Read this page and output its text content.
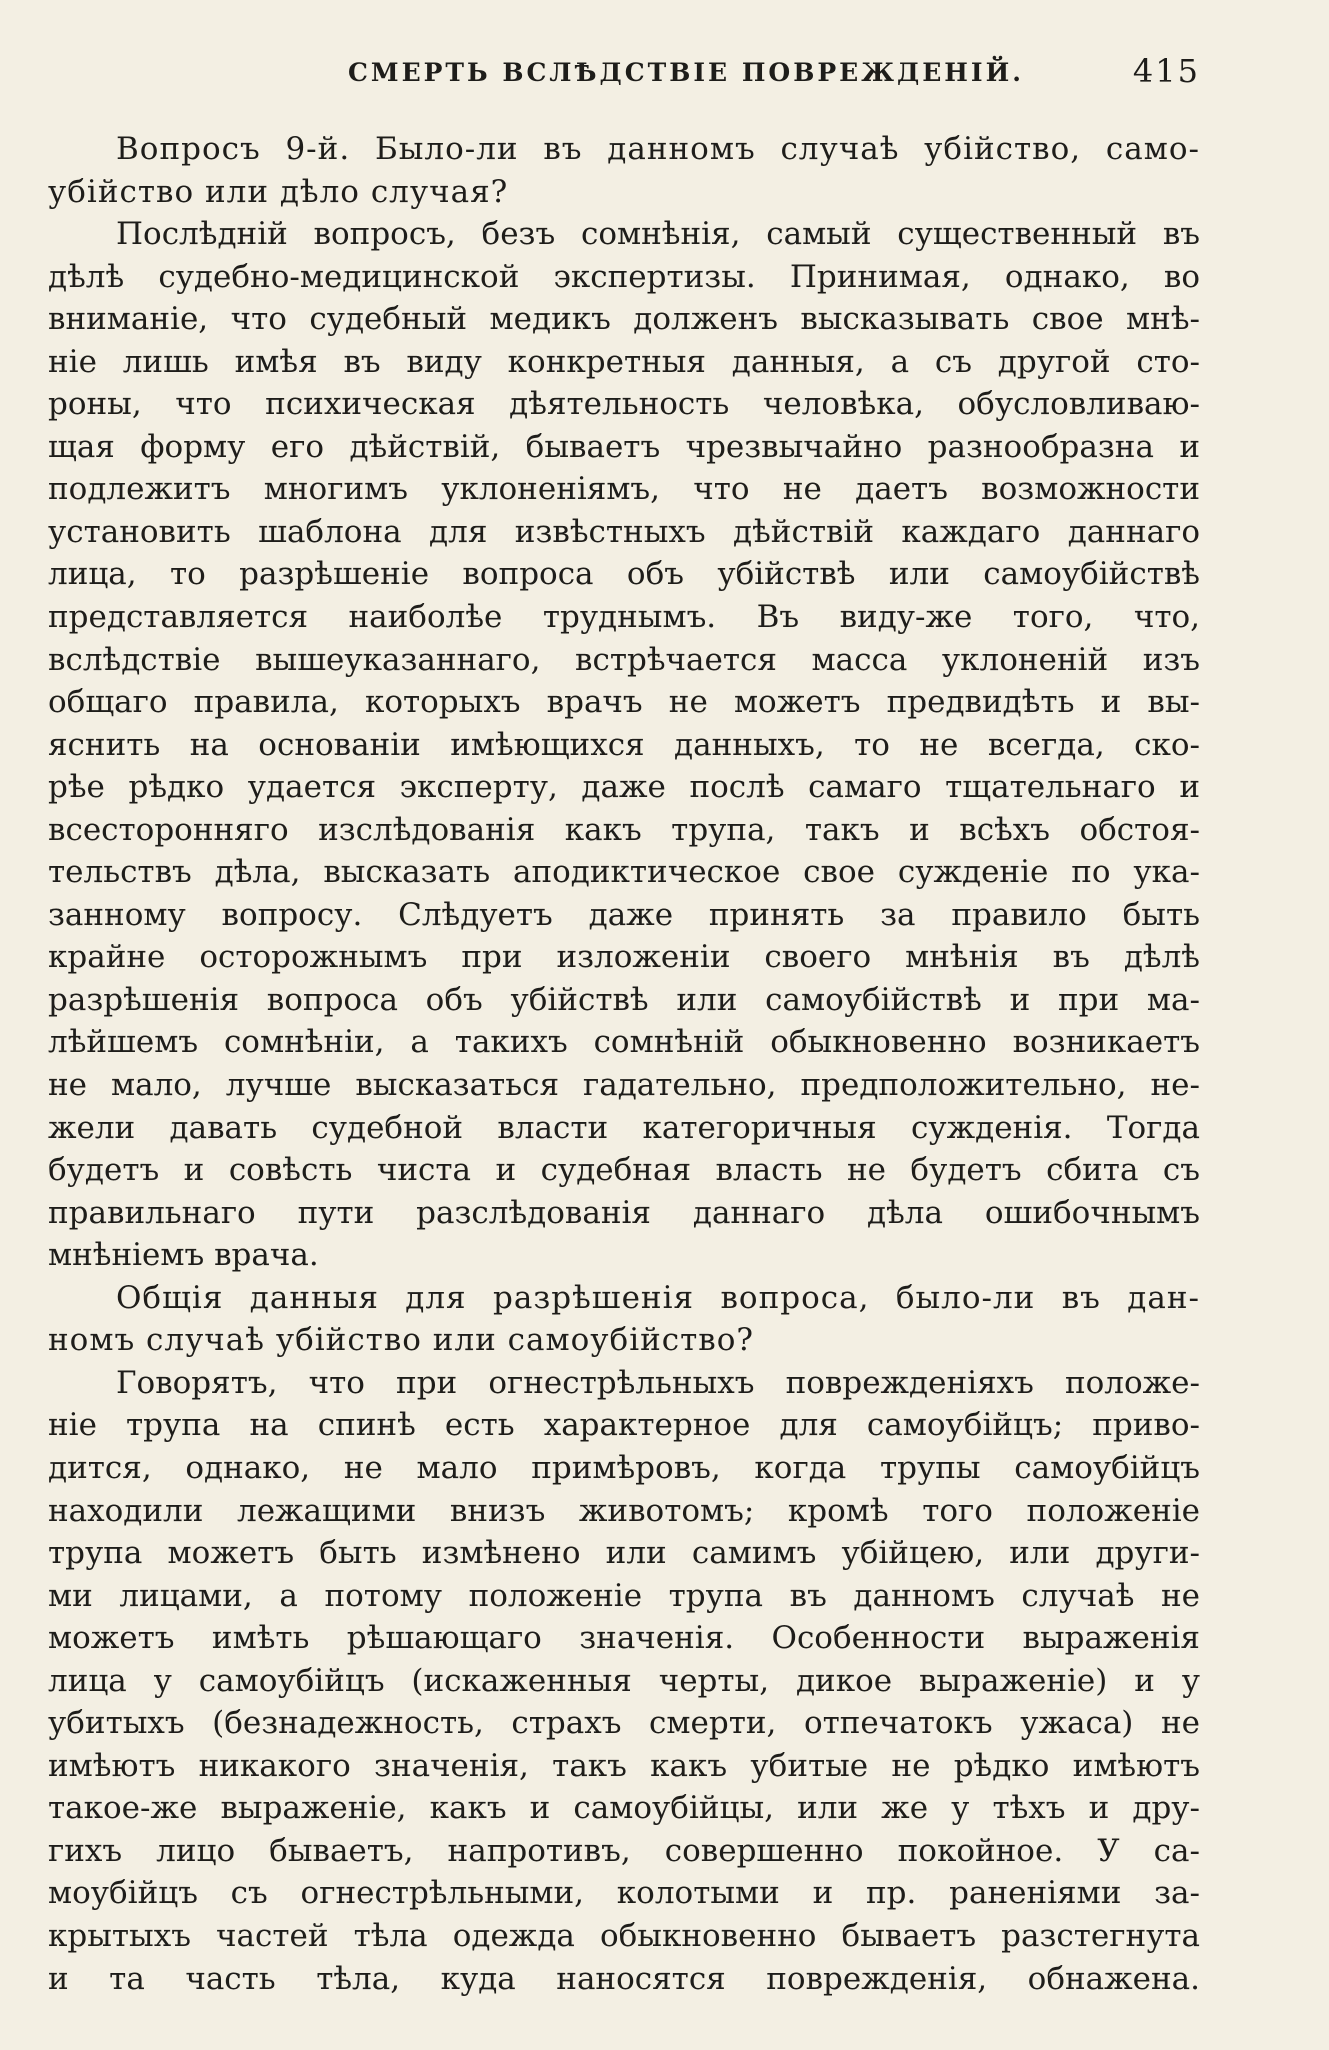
СМЕРТЬ ВСЛѢДСТВІЕ ПОВРЕЖДЕНІЙ.	415

Вопросъ 9-й. Было-ли въ данномъ случаѣ убійство, само-
убійство или дѣло случая?

Послѣдній вопросъ, безъ сомнѣнія, самый существенный въ
дѣлѣ судебно-медицинской экспертизы. Принимая, однако, во
вниманіе, что судебный медикъ долженъ высказывать свое мнѣ-
ніе лишь имѣя въ виду конкретныя данныя, а съ другой сто-
роны, что психическая дѣятельность человѣка, обусловливаю-
щая форму его дѣйствій, бываетъ чрезвычайно разнообразна и
подлежитъ многимъ уклоненіямъ, что не даетъ возможности
установить шаблона для извѣстныхъ дѣйствій каждаго даннаго
лица, то разрѣшеніе вопроса объ убійствѣ или самоубійствѣ
представляется наиболѣе труднымъ. Въ виду-же того, что,
вслѣдствіе вышеуказаннаго, встрѣчается масса уклоненій изъ
общаго правила, которыхъ врачъ не можетъ предвидѣть и вы-
яснить на основаніи имѣющихся данныхъ, то не всегда, ско-
рѣе рѣдко удается эксперту, даже послѣ самаго тщательнаго и
всесторонняго изслѣдованія какъ трупа, такъ и всѣхъ обстоя-
тельствъ дѣла, высказать аподиктическое свое сужденіе по ука-
занному вопросу. Слѣдуетъ даже принять за правило быть
крайне осторожнымъ при изложеніи своего мнѣнія въ дѣлѣ
разрѣшенія вопроса объ убійствѣ или самоубійствѣ и при ма-
лѣйшемъ сомнѣніи, а такихъ сомнѣній обыкновенно возникаетъ
не мало, лучше высказаться гадательно, предположительно, не-
жели давать судебной власти категоричныя сужденія. Тогда
будетъ и совѣсть чиста и судебная власть не будетъ сбита съ
правильнаго пути разслѣдованія даннаго дѣла ошибочнымъ
мнѣніемъ врача.

Общія данныя для разрѣшенія вопроса, было-ли въ дан-
номъ случаѣ убійство или самоубійство?

Говорятъ, что при огнестрѣльныхъ поврежденіяхъ положе-
ніе трупа на спинѣ есть характерное для самоубійцъ; приво-
дится, однако, не мало примѣровъ, когда трупы самоубійцъ
находили лежащими внизъ животомъ; кромѣ того положеніе
трупа можетъ быть измѣнено или самимъ убійцею, или други-
ми лицами, а потому положеніе трупа въ данномъ случаѣ не
можетъ имѣть рѣшающаго значенія. Особенности выраженія
лица у самоубійцъ (искаженныя черты, дикое выраженіе) и у
убитыхъ (безнадежность, страхъ смерти, отпечатокъ ужаса) не
имѣютъ никакого значенія, такъ какъ убитые не рѣдко имѣютъ
такое-же выраженіе, какъ и самоубійцы, или же у тѣхъ и дру-
гихъ лицо бываетъ, напротивъ, совершенно покойное. У са-
моубійцъ съ огнестрѣльными, колотыми и пр. раненіями за-
крытыхъ частей тѣла одежда обыкновенно бываетъ разстегнута
и та часть тѣла, куда наносятся поврежденія, обнажена.
